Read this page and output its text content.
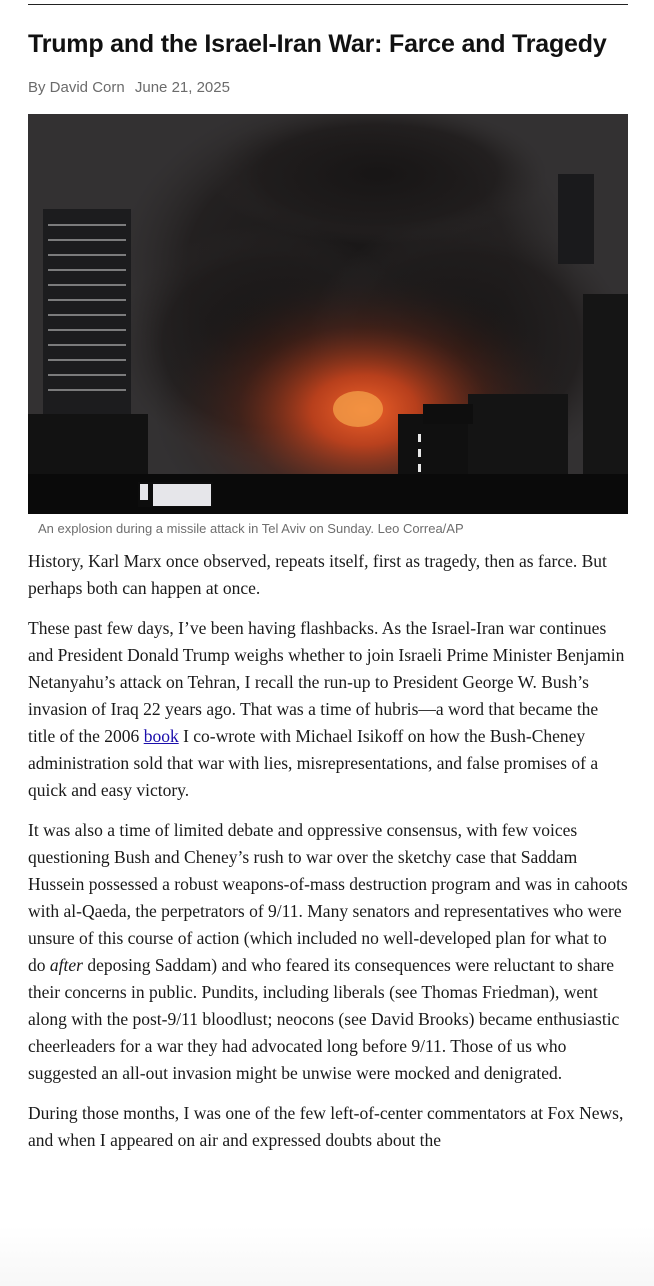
Trump and the Israel-Iran War: Farce and Tragedy
By David Corn June 21, 2025
An explosion during a missile attack in Tel Aviv on Sunday. Leo Correa/AP

History, Karl Marx once observed, repeats itself, first as tragedy, then as farce. But perhaps both can happen at once.

These past few days, I’ve been having flashbacks. As the Israel-Iran war continues and President Donald Trump weighs whether to join Israeli Prime Minister Benjamin Netanyahu’s attack on Tehran, I recall the run-up to President George W. Bush’s invasion of Iraq 22 years ago. That was a time of hubris—a word that became the title of the 2006 book I co-wrote with Michael Isikoff on how the Bush-Cheney administration sold that war with lies, misrepresentations, and false promises of a quick and easy victory.

It was also a time of limited debate and oppressive consensus, with few voices questioning Bush and Cheney’s rush to war over the sketchy case that Saddam Hussein possessed a robust weapons-of-mass destruction program and was in cahoots with al-Qaeda, the perpetrators of 9/11. Many senators and representatives who were unsure of this course of action (which included no well-developed plan for what to do after deposing Saddam) and who feared its consequences were reluctant to share their concerns in public. Pundits, including liberals (see Thomas Friedman), went along with the post-9/11 bloodlust; neocons (see David Brooks) became enthusiastic cheerleaders for a war they had advocated long before 9/11. Those of us who suggested an all-out invasion might be unwise were mocked and denigrated.

During those months, I was one of the few left-of-center commentators at Fox News, and when I appeared on air and expressed doubts about the
